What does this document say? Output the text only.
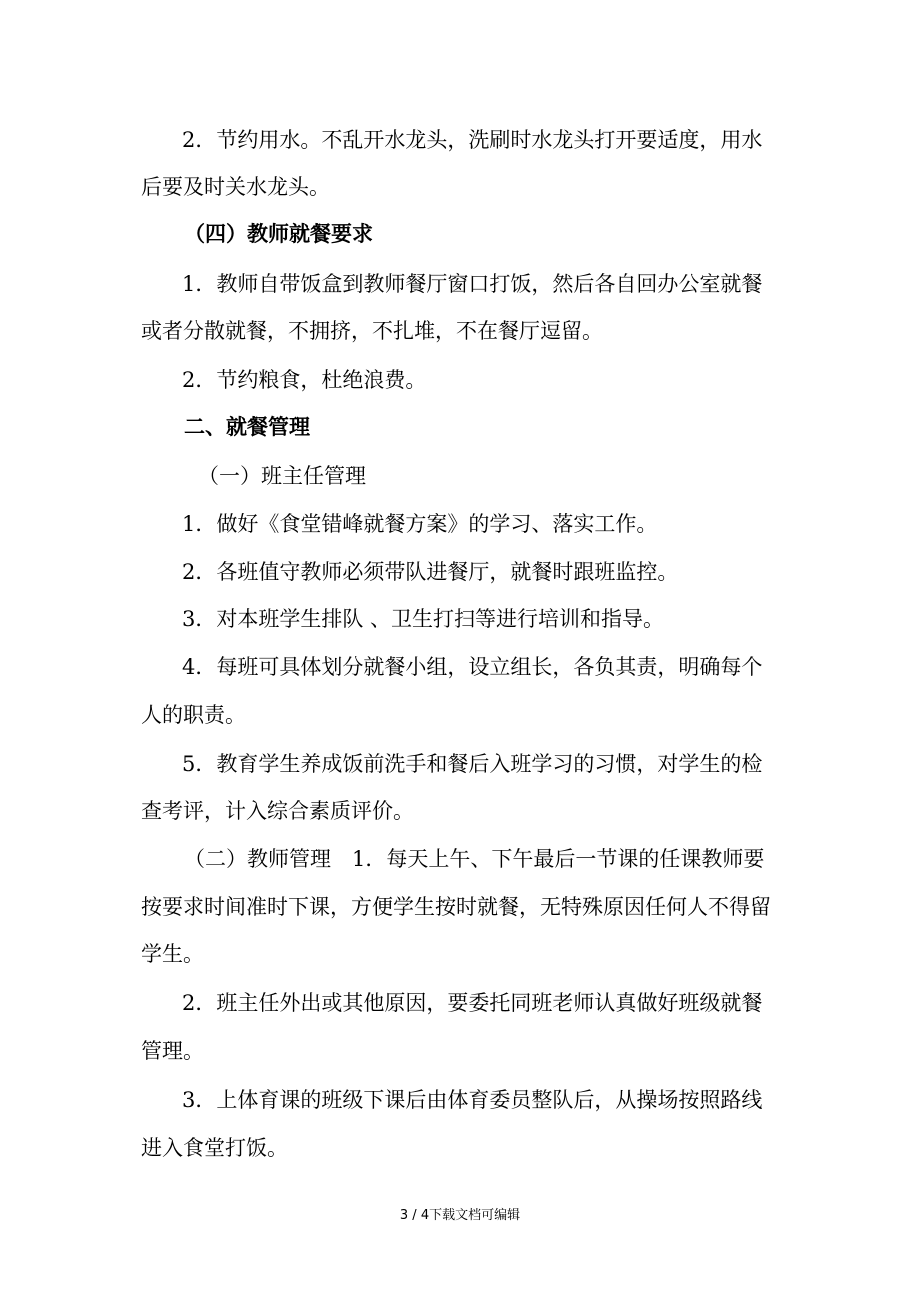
2．节约用水。不乱开水龙头，洗刷时水龙头打开要适度，用水
后要及时关水龙头。
（四）教师就餐要求
1．教师自带饭盒到教师餐厅窗口打饭，然后各自回办公室就餐
或者分散就餐，不拥挤，不扎堆，不在餐厅逗留。
2．节约粮食，杜绝浪费。
二、就餐管理
（一）班主任管理
1．做好《食堂错峰就餐方案》的学习、落实工作。
2．各班值守教师必须带队进餐厅，就餐时跟班监控。
3．对本班学生排队 、卫生打扫等进行培训和指导。
4．每班可具体划分就餐小组，设立组长，各负其责，明确每个
人的职责。
5．教育学生养成饭前洗手和餐后入班学习的习惯，对学生的检
查考评，计入综合素质评价。
（二）教师管理　1．每天上午、下午最后一节课的任课教师要
按要求时间准时下课，方便学生按时就餐，无特殊原因任何人不得留
学生。
2．班主任外出或其他原因，要委托同班老师认真做好班级就餐
管理。
3．上体育课的班级下课后由体育委员整队后，从操场按照路线
进入食堂打饭。
3 / 4下载文档可编辑
